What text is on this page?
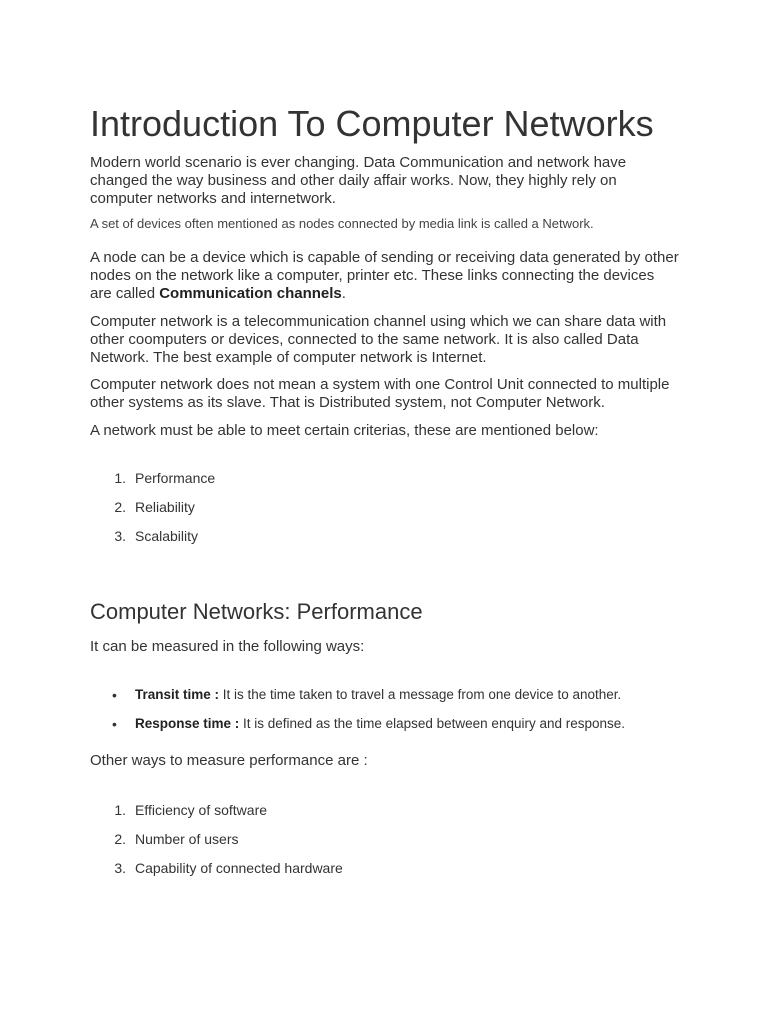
Introduction To Computer Networks

Modern world scenario is ever changing. Data Communication and network have changed the way business and other daily affair works. Now, they highly rely on computer networks and internetwork.

A set of devices often mentioned as nodes connected by media link is called a Network.

A node can be a device which is capable of sending or receiving data generated by other nodes on the network like a computer, printer etc. These links connecting the devices are called Communication channels.

Computer network is a telecommunication channel using which we can share data with other coomputers or devices, connected to the same network. It is also called Data Network. The best example of computer network is Internet.

Computer network does not mean a system with one Control Unit connected to multiple other systems as its slave. That is Distributed system, not Computer Network.

A network must be able to meet certain criterias, these are mentioned below:

1. Performance
2. Reliability
3. Scalability
Computer Networks: Performance

It can be measured in the following ways:

• Transit time : It is the time taken to travel a message from one device to another.
• Response time : It is defined as the time elapsed between enquiry and response.

Other ways to measure performance are :

1. Efficiency of software
2. Number of users
3. Capability of connected hardware
